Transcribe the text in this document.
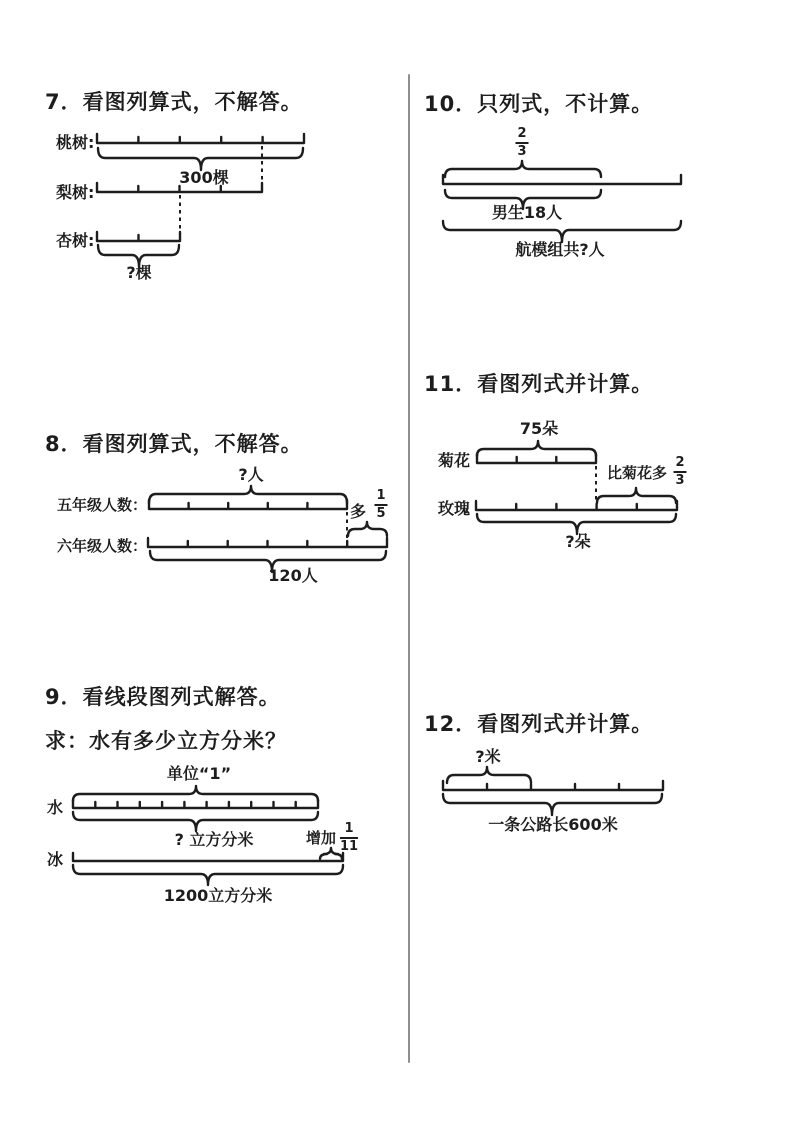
7．看图列算式，不解答。
桃树:
300棵
梨树:
杏树:
?棵
8．看图列算式，不解答。
?人
五年级人数：	多
1
5
六年级人数：
120人
9．看线段图列式解答。
求：水有多少立方分米？
单位“1”
水
? 立方分米	增加
1
11
冰
1200立方分米
10．只列式，不计算。
2
3
男生18人
航模组共?人
11．看图列式并计算。
75朵
菊花
比菊花多
2
3
玫瑰
?朵
12．看图列式并计算。
?米
一条公路长600米
